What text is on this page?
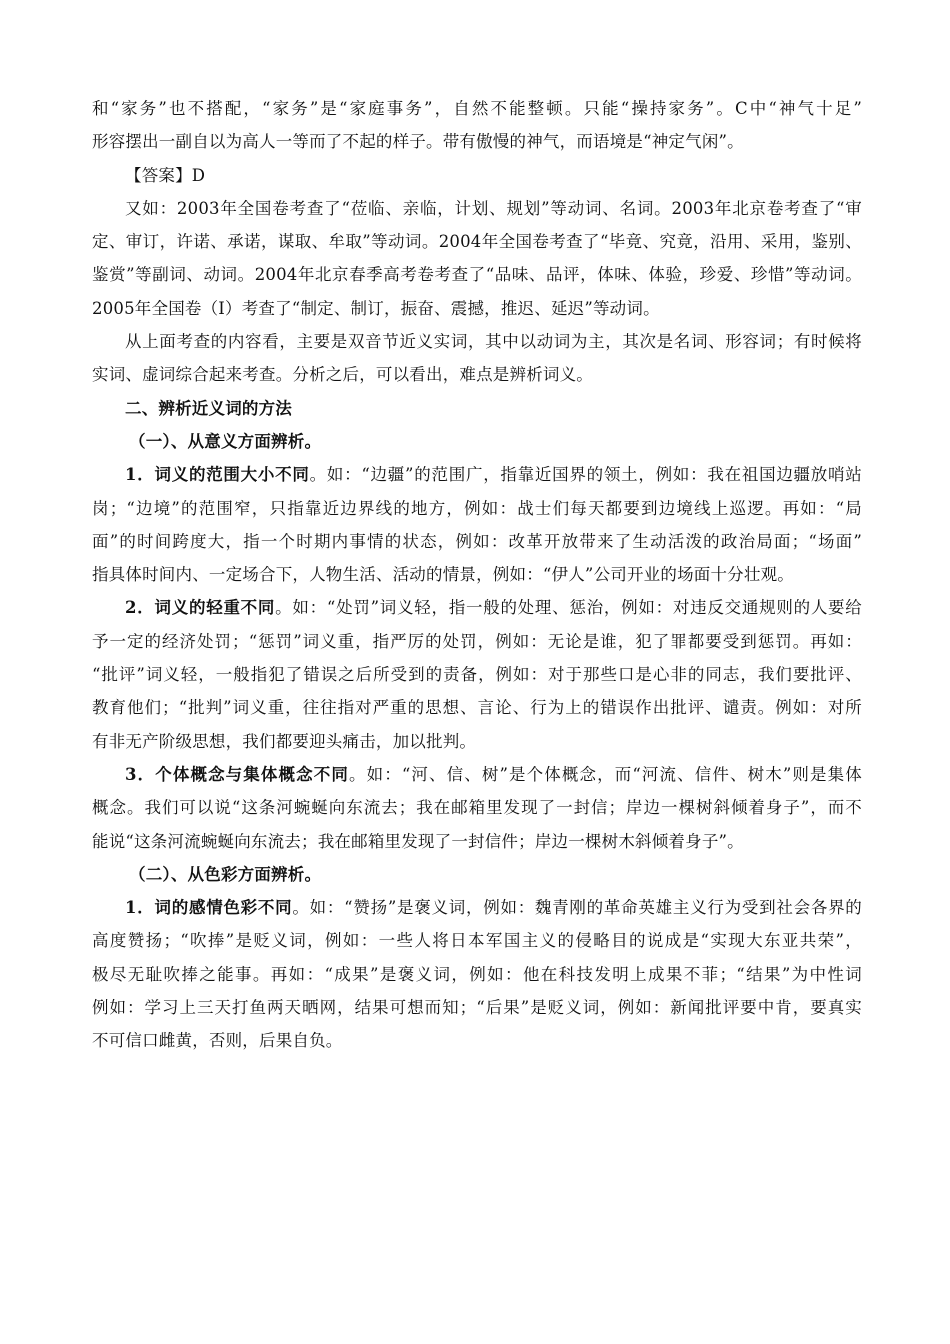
和“家务”也不搭配，“家务”是“家庭事务”，自然不能整顿。只能“操持家务”。C中“神气十足”
形容摆出一副自以为高人一等而了不起的样子。带有傲慢的神气，而语境是“神定气闲”。
【答案】D
又如：2003年全国卷考查了“莅临、亲临，计划、规划”等动词、名词。2003年北京卷考查了“审
定、审订，许诺、承诺，谋取、牟取”等动词。2004年全国卷考查了“毕竟、究竟，沿用、采用，鉴别、
鉴赏”等副词、动词。2004年北京春季高考卷考查了“品味、品评，体味、体验，珍爱、珍惜”等动词。
2005年全国卷（Ⅰ）考查了“制定、制订，振奋、震撼，推迟、延迟”等动词。
从上面考查的内容看，主要是双音节近义实词，其中以动词为主，其次是名词、形容词；有时候将
实词、虚词综合起来考查。分析之后，可以看出，难点是辨析词义。
二、辨析近义词的方法
（一）、从意义方面辨析。
1．词义的范围大小不同。如：“边疆”的范围广，指靠近国界的领土，例如：我在祖国边疆放哨站
岗；“边境”的范围窄，只指靠近边界线的地方，例如：战士们每天都要到边境线上巡逻。再如：“局
面”的时间跨度大，指一个时期内事情的状态，例如：改革开放带来了生动活泼的政治局面；“场面”
指具体时间内、一定场合下，人物生活、活动的情景，例如：“伊人”公司开业的场面十分壮观。
2．词义的轻重不同。如：“处罚”词义轻，指一般的处理、惩治，例如：对违反交通规则的人要给
予一定的经济处罚；“惩罚”词义重，指严厉的处罚，例如：无论是谁，犯了罪都要受到惩罚。再如：
“批评”词义轻，一般指犯了错误之后所受到的责备，例如：对于那些口是心非的同志，我们要批评、
教育他们；“批判”词义重，往往指对严重的思想、言论、行为上的错误作出批评、谴责。例如：对所
有非无产阶级思想，我们都要迎头痛击，加以批判。
3．个体概念与集体概念不同。如：“河、信、树”是个体概念，而“河流、信件、树木”则是集体
概念。我们可以说“这条河蜿蜒向东流去；我在邮箱里发现了一封信；岸边一棵树斜倾着身子”，而不
能说“这条河流蜿蜒向东流去；我在邮箱里发现了一封信件；岸边一棵树木斜倾着身子”。
（二）、从色彩方面辨析。
1．词的感情色彩不同。如：“赞扬”是褒义词，例如：魏青刚的革命英雄主义行为受到社会各界的
高度赞扬；“吹捧”是贬义词，例如：一些人将日本军国主义的侵略目的说成是“实现大东亚共荣”，
极尽无耻吹捧之能事。再如：“成果”是褒义词，例如：他在科技发明上成果不菲；“结果”为中性词
例如：学习上三天打鱼两天晒网，结果可想而知；“后果”是贬义词，例如：新闻批评要中肯，要真实
不可信口雌黄，否则，后果自负。
